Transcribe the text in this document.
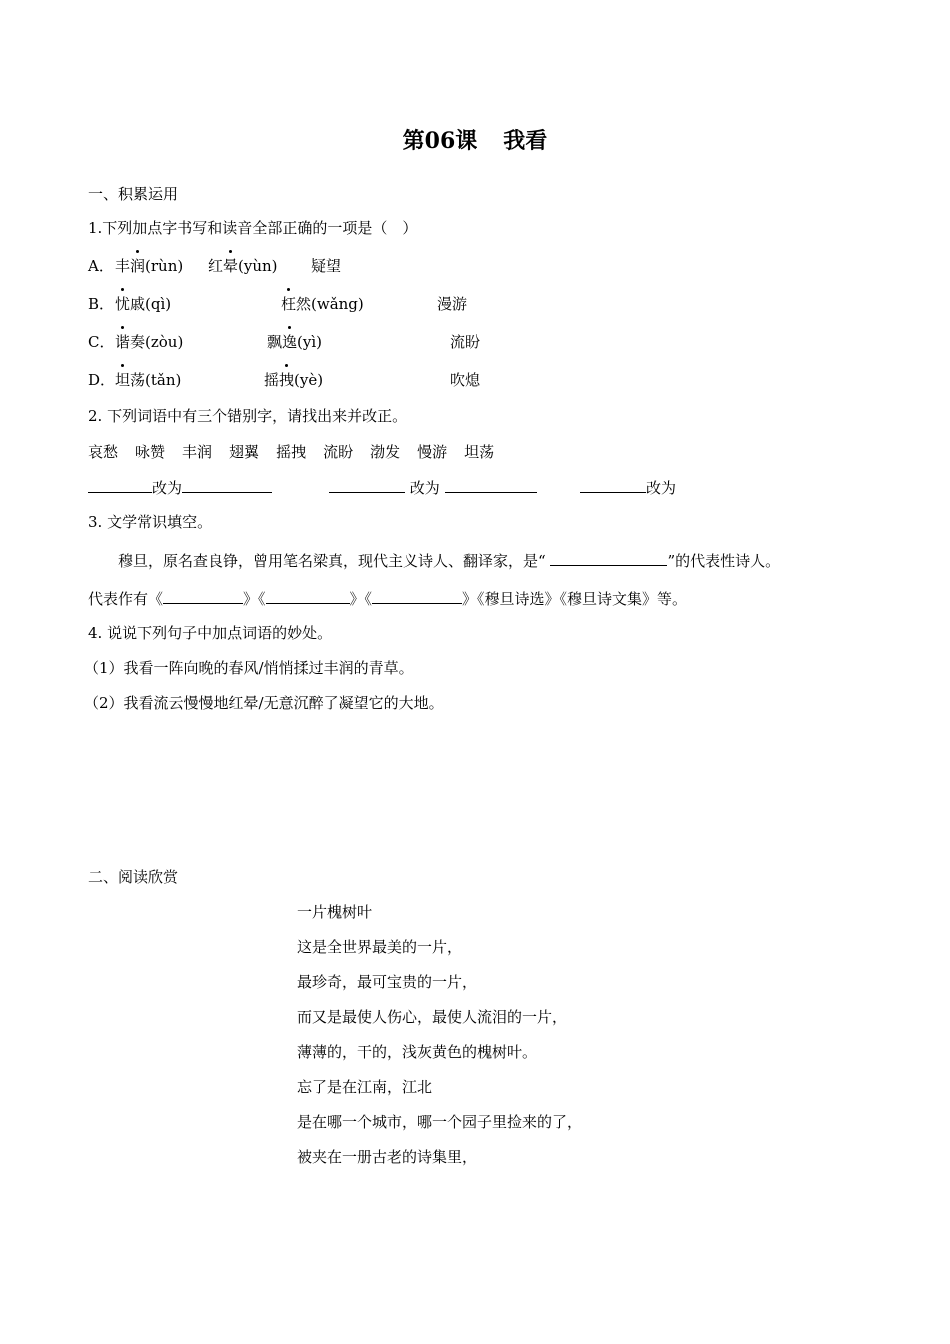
第06课 我看
一、积累运用
1.下列加点字书写和读音全部正确的一项是（　）
A． 丰润(rùn) 红晕(yùn) 疑望
B． 忧戚(qì)	枉然(wǎng)	漫游
C． 谐奏(zòu)	飘逸(yì)	流盼
D． 坦荡(tǎn)	摇拽(yè)	吹熄
2. 下列词语中有三个错别字，请找出来并改正。
哀愁 咏赞 丰润 翅翼 摇拽 流盼 渤发 慢游 坦荡
改为	改为	改为
3. 文学常识填空。
穆旦，原名查良铮，曾用笔名梁真，现代主义诗人、翻译家，是“	”的代表性诗人。
代表作有《	》《	》《	》《穆旦诗选》《穆旦诗文集》等。
4. 说说下列句子中加点词语的妙处。
（1）我看一阵向晚的春风/悄悄揉过丰润的青草。
（2）我看流云慢慢地红晕/无意沉醉了凝望它的大地。
二、阅读欣赏
一片槐树叶
这是全世界最美的一片，
最珍奇，最可宝贵的一片，
而又是最使人伤心，最使人流泪的一片，
薄薄的，干的，浅灰黄色的槐树叶。
忘了是在江南，江北
是在哪一个城市，哪一个园子里捡来的了，
被夹在一册古老的诗集里，
